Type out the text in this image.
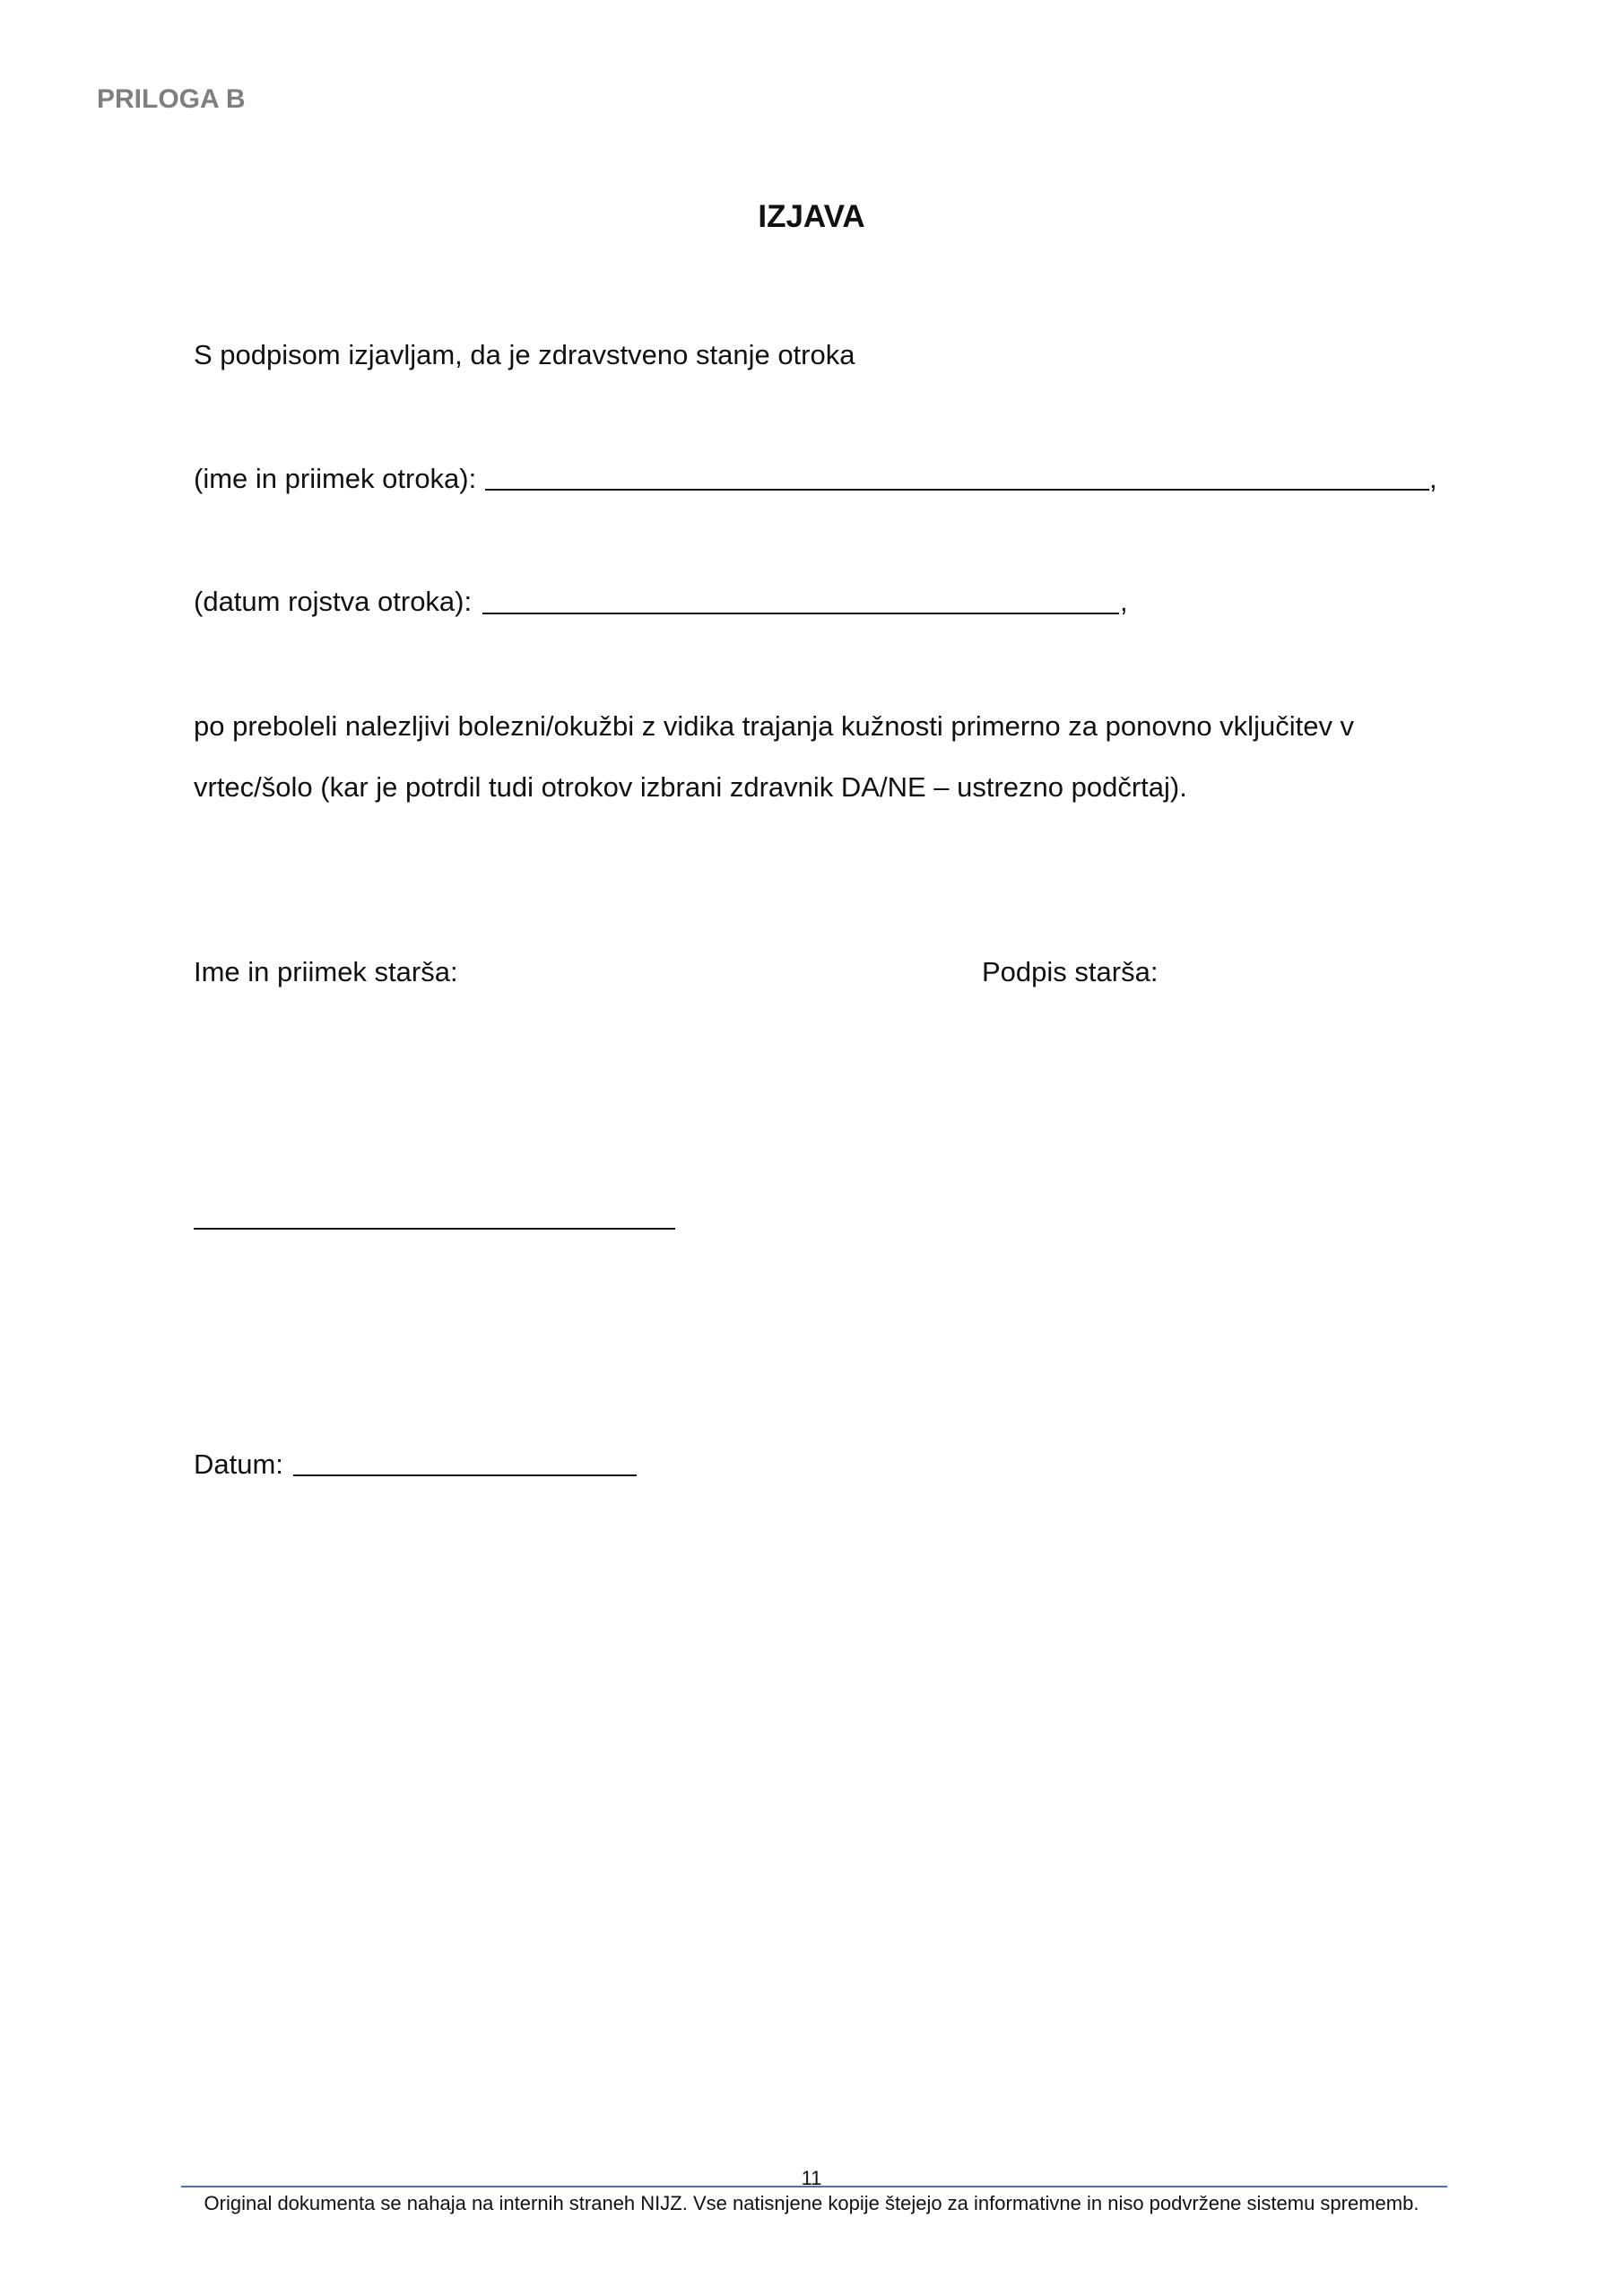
PRILOGA B
IZJAVA
S podpisom izjavljam, da je zdravstveno stanje otroka
(ime in priimek otroka):	,
(datum rojstva otroka):	,
po preboleli nalezljivi bolezni/okužbi z vidika trajanja kužnosti primerno za ponovno vključitev v
vrtec/šolo (kar je potrdil tudi otrokov izbrani zdravnik DA/NE – ustrezno podčrtaj).
Ime in priimek starša:	Podpis starša:
Datum:
11
Original dokumenta se nahaja na internih straneh NIJZ. Vse natisnjene kopije štejejo za informativne in niso podvržene sistemu sprememb.
